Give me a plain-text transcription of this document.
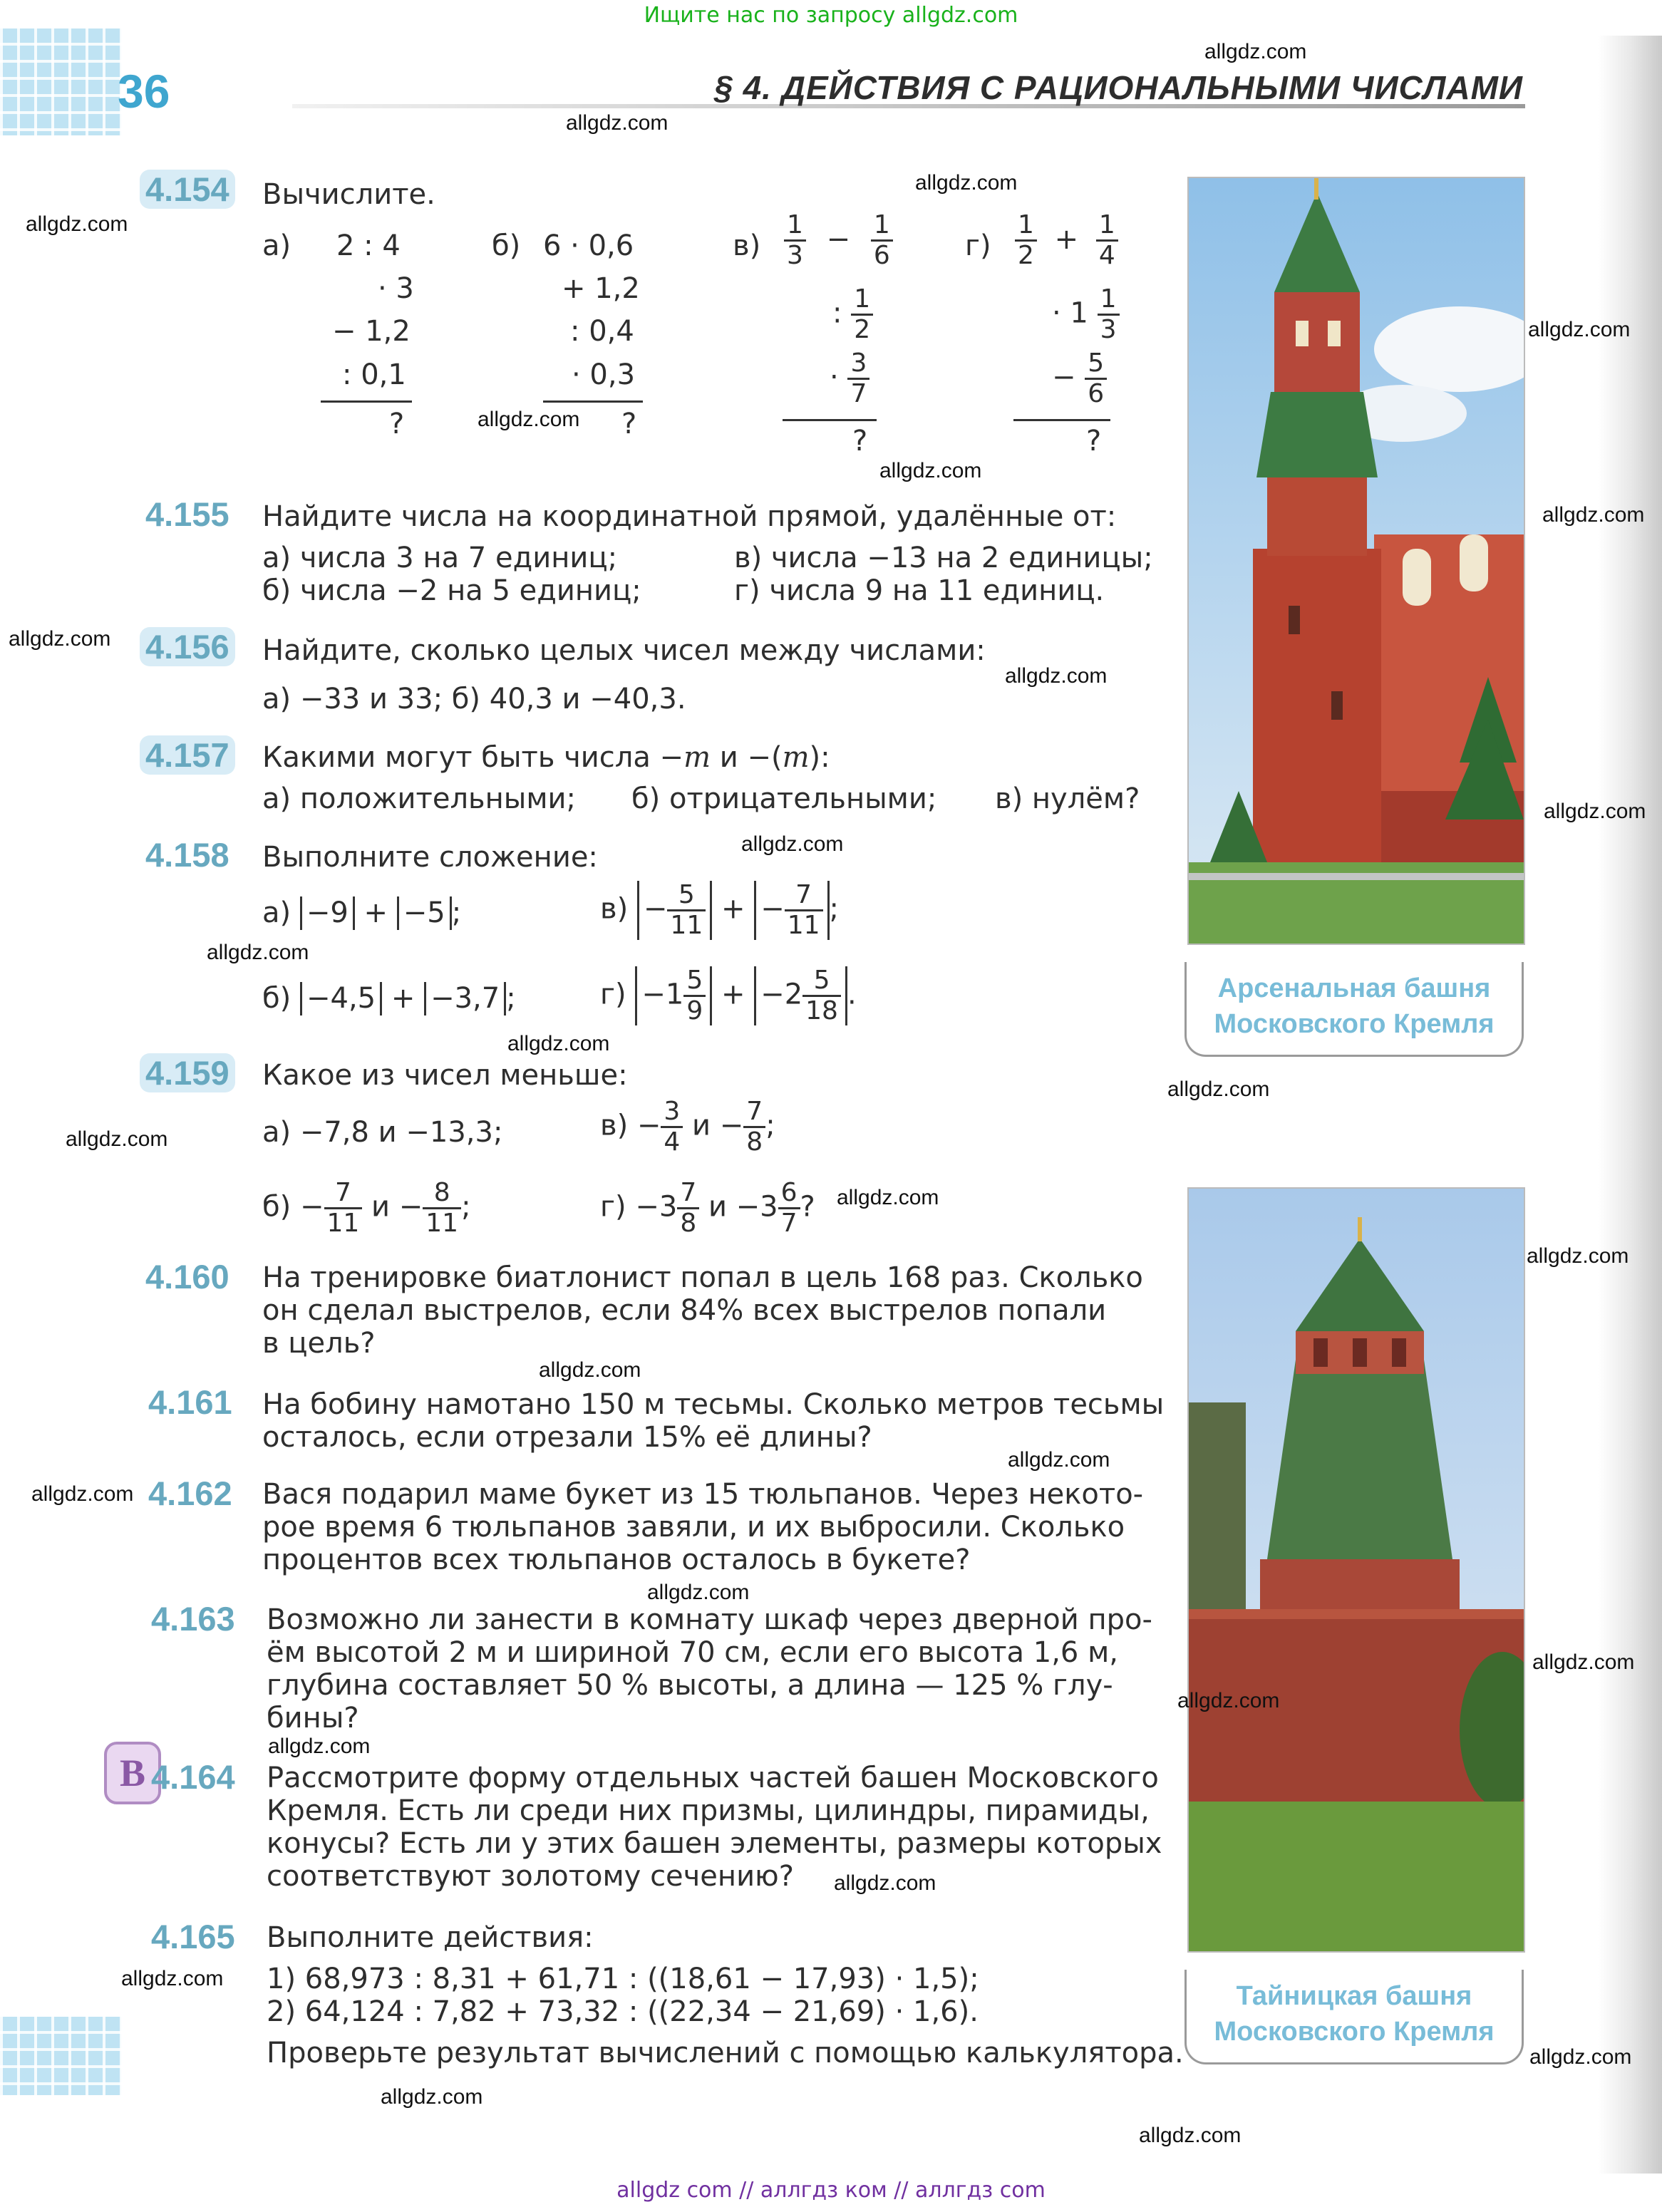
Ищите нас по запросу allgdz.com
36	§ 4. ДЕЙСТВИЯ С РАЦИОНАЛЬНЫМИ ЧИСЛАМИ
4.154 Вычислите.
а) 2 : 4
· 3
− 1,2
: 0,1
?
б) 6 · 0,6
+ 1,2
: 0,4
· 0,3
?
$в) \frac{1}{3} - \frac{1}{6}$
: $\frac{1}{2}$
· $\frac{3}{7}$
?
$г) \frac{1}{2} + \frac{1}{4}$
· $1 \frac{1}{3}$
− $\frac{5}{6}$
?
4.155 Найдите числа на координатной прямой, удалённые от:
а) числа 3 на 7 единиц;	в) числа −13 на 2 единицы;
б) числа −2 на 5 единиц;	г) числа 9 на 11 единиц.
4.156 Найдите, сколько целых чисел между числами:
а) −33 и 33; б) 40,3 и −40,3.
4.157 Какими могут быть числа −m и −(m):
а) положительными; б) отрицательными; в) нулём?
4.158 Выполните сложение:
а) −9 + −5 ;	$в) - \frac{5}{11}$ + − $\frac{7}{11}$ ;
б) −4,5 + −3,7 ;	$г) -1 \frac{5}{9} + -2 \frac{5}{18}$ .
4.159 Какое из чисел меньше:
а) −7,8 и −13,3;	$в) - \frac{3}{4}$ $и - \frac{7}{8}$ ;
$б) - \frac{7}{11}$ $и - \frac{8}{11}$ ;	$г) -3 \frac{7}{8}$ $и -3 \frac{6}{7}$ ?
4.160 На тренировке биатлонист попал в цель 168 раз. Сколько
он сделал выстрелов, если 84% всех выстрелов попали
в цель?
4.161 На бобину намотано 150 м тесьмы. Сколько метров тесьмы
осталось, если отрезали 15% её длины?
4.162 Вася подарил маме букет из 15 тюльпанов. Через некото-
рое время 6 тюльпанов завяли, и их выбросили. Сколько
процентов всех тюльпанов осталось в букете?
4.163 Возможно ли занести в комнату шкаф через дверной про-
ём высотой 2 м и шириной 70 см, если его высота 1,6 м,
глубина составляет 50 % высоты, а длина — 125 % глу-
бины?
В 4.164 Рассмотрите форму отдельных частей башен Московского
Кремля. Есть ли среди них призмы, цилиндры, пирамиды,
конусы? Есть ли у этих башен элементы, размеры которых
соответствуют золотому сечению?
4.165 Выполните действия:
1) 68,973 : 8,31 + 61,71 : ((18,61 − 17,93) · 1,5);
2) 64,124 : 7,82 + 73,32 : ((22,34 − 21,69) · 1,6).
Проверьте результат вычислений с помощью калькулятора.
Арсенальная башня
Московского Кремля
Тайницкая башня
Московского Кремля
allgdz.com
allgdz.com
allgdz.com
allgdz.com
allgdz.com
allgdz.com
allgdz.com
allgdz.com
allgdz.com
allgdz.com
allgdz.com
allgdz.com
allgdz.com
allgdz.com
allgdz.com
allgdz.com
allgdz.com
allgdz.com
allgdz.com
allgdz.com
allgdz.com
allgdz.com
allgdz.com
allgdz.com
allgdz.com
allgdz.com
allgdz.com
allgdz.com
allgdz.com
allgdz.com
allgdz com // аллгдз ком // аллгдз com
